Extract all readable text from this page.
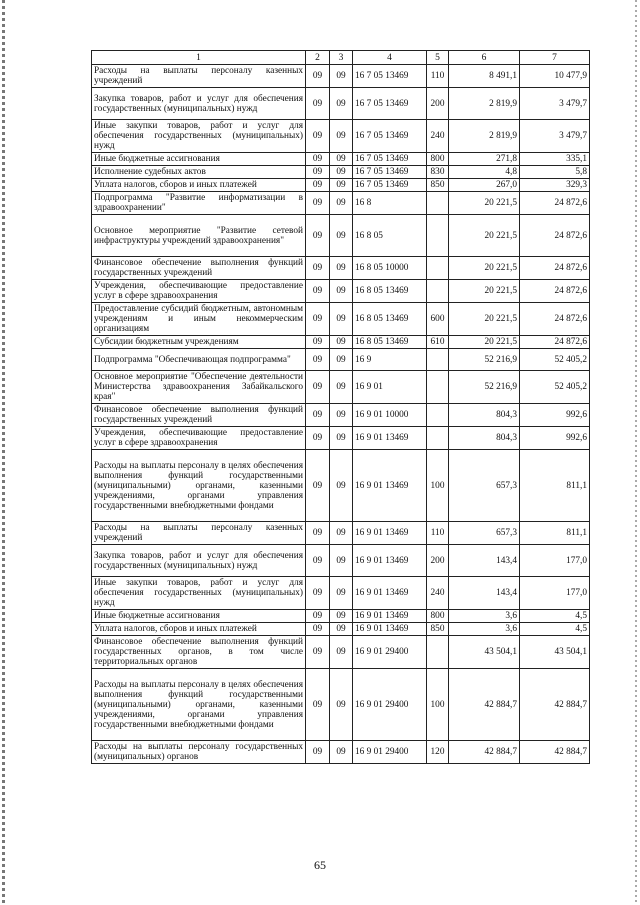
1	2	3	4	5	6	7
Расходы на выплаты персоналу казенных учреждений	09	09	16 7 05 13469	110	8 491,1	10 477,9
Закупка товаров, работ и услуг для обеспечения государственных (муниципальных) нужд	09	09	16 7 05 13469	200	2 819,9	3 479,7
Иные закупки товаров, работ и услуг для обеспечения государственных (муниципальных) нужд	09	09	16 7 05 13469	240	2 819,9	3 479,7
Иные бюджетные ассигнования	09	09	16 7 05 13469	800	271,8	335,1
Исполнение судебных актов	09	09	16 7 05 13469	830	4,8	5,8
Уплата налогов, сборов и иных платежей	09	09	16 7 05 13469	850	267,0	329,3
Подпрограмма "Развитие информатизации в здравоохранении"	09	09	16 8		20 221,5	24 872,6
Основное мероприятие "Развитие сетевой инфраструктуры учреждений здравоохранения"	09	09	16 8 05		20 221,5	24 872,6
Финансовое обеспечение выполнения функций государственных учреждений	09	09	16 8 05 10000		20 221,5	24 872,6
Учреждения, обеспечивающие предоставление услуг в сфере здравоохранения	09	09	16 8 05 13469		20 221,5	24 872,6
Предоставление субсидий бюджетным, автономным учреждениям и иным некоммерческим организациям	09	09	16 8 05 13469	600	20 221,5	24 872,6
Субсидии бюджетным учреждениям	09	09	16 8 05 13469	610	20 221,5	24 872,6
Подпрограмма "Обеспечивающая подпрограмма"	09	09	16 9		52 216,9	52 405,2
Основное мероприятие "Обеспечение деятельности Министерства здравоохранения Забайкальского края"	09	09	16 9 01		52 216,9	52 405,2
Финансовое обеспечение выполнения функций государственных учреждений	09	09	16 9 01 10000		804,3	992,6
Учреждения, обеспечивающие предоставление услуг в сфере здравоохранения	09	09	16 9 01 13469		804,3	992,6
Расходы на выплаты персоналу в целях обеспечения выполнения функций государственными (муниципальными) органами, казенными учреждениями, органами управления государственными внебюджетными фондами	09	09	16 9 01 13469	100	657,3	811,1
Расходы на выплаты персоналу казенных учреждений	09	09	16 9 01 13469	110	657,3	811,1
Закупка товаров, работ и услуг для обеспечения государственных (муниципальных) нужд	09	09	16 9 01 13469	200	143,4	177,0
Иные закупки товаров, работ и услуг для обеспечения государственных (муниципальных) нужд	09	09	16 9 01 13469	240	143,4	177,0
Иные бюджетные ассигнования	09	09	16 9 01 13469	800	3,6	4,5
Уплата налогов, сборов и иных платежей	09	09	16 9 01 13469	850	3,6	4,5
Финансовое обеспечение выполнения функций государственных органов, в том числе территориальных органов	09	09	16 9 01 29400		43 504,1	43 504,1
Расходы на выплаты персоналу в целях обеспечения выполнения функций государственными (муниципальными) органами, казенными учреждениями, органами управления государственными внебюджетными фондами	09	09	16 9 01 29400	100	42 884,7	42 884,7
Расходы на выплаты персоналу государственных (муниципальных) органов	09	09	16 9 01 29400	120	42 884,7	42 884,7
65
